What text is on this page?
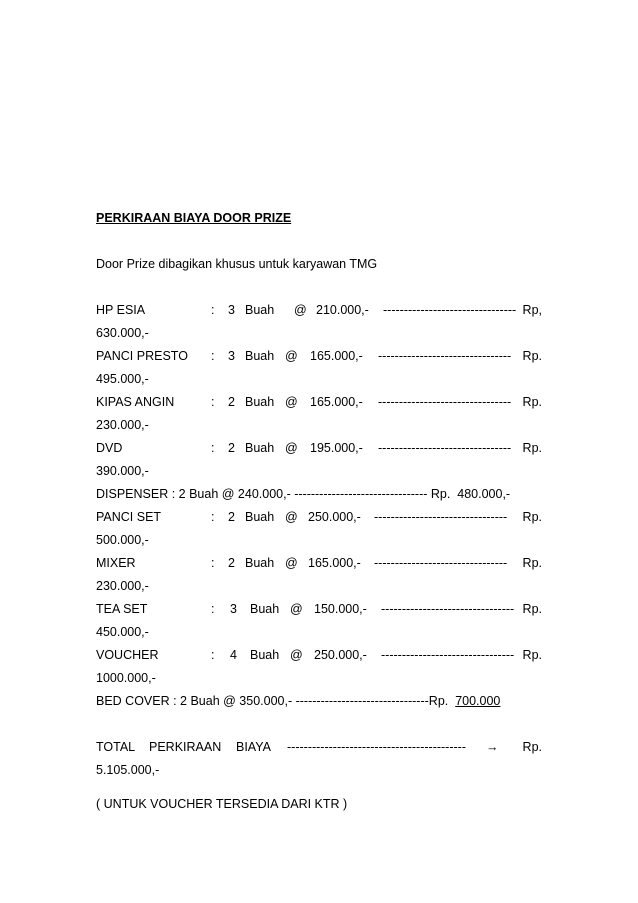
PERKIRAAN BIAYA DOOR PRIZE
Door Prize dibagikan khusus untuk karyawan TMG
HP ESIA	: 3 Buah @ 210.000,- -------------------------------- Rp,
630.000,-
PANCI PRESTO : 3 Buah @ 165.000,- -------------------------------- Rp.
495.000,-
KIPAS ANGIN	: 2 Buah @ 165.000,- -------------------------------- Rp.
230.000,-
DVD	: 2 Buah @ 195.000,- -------------------------------- Rp.
390.000,-
DISPENSER : 2 Buah @ 240.000,- -------------------------------- Rp.  480.000,-
PANCI SET	: 2 Buah @ 250.000,- --------------------------------	Rp.
500.000,-
MIXER	: 2 Buah @ 165.000,- --------------------------------	Rp.
230.000,-
TEA SET	: 3 Buah @ 150.000,- -------------------------------- Rp.
450.000,-
VOUCHER	: 4 Buah @ 250.000,- -------------------------------- Rp.
1000.000,-
BED COVER : 2 Buah @ 350.000,- --------------------------------Rp.  700.000
TOTAL PERKIRAAN BIAYA -------------------------------------------	→ Rp.
5.105.000,-
( UNTUK VOUCHER TERSEDIA DARI KTR )
